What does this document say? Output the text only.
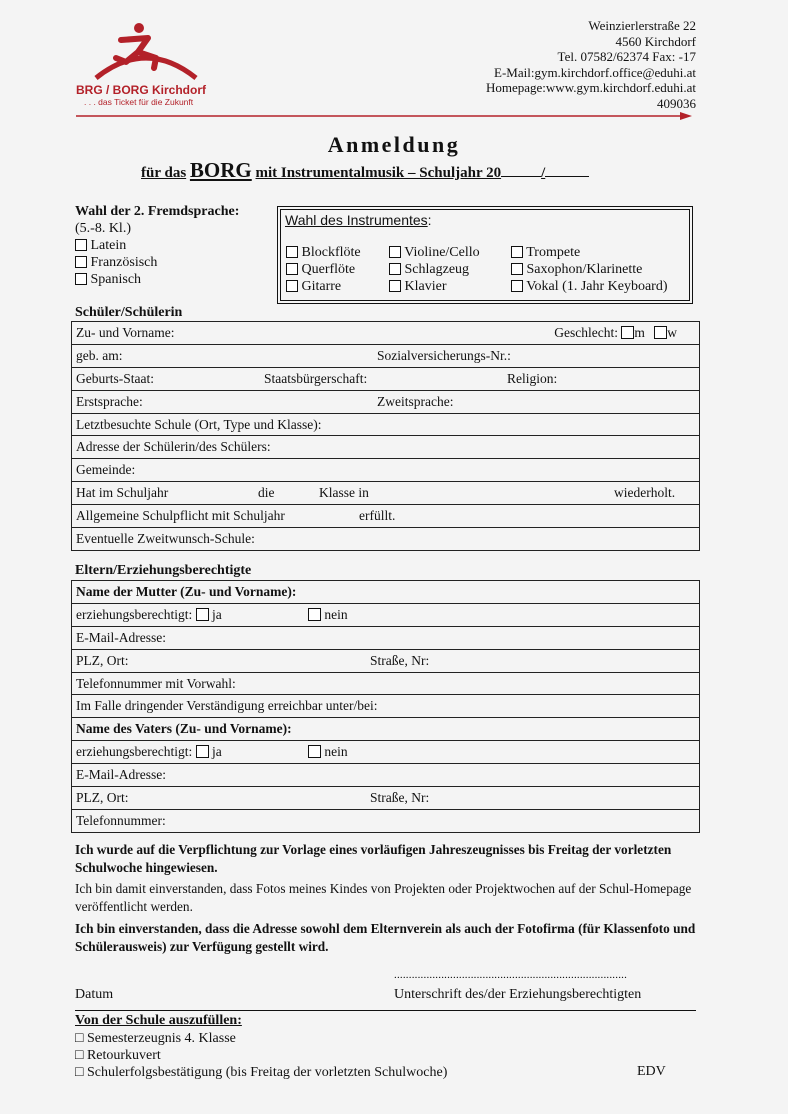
BRG / BORG Kirchdorf
. . . das Ticket für die Zukunft
Weinzierlerstraße 22
4560 Kirchdorf
Tel. 07582/62374 Fax: -17
E-Mail:gym.kirchdorf.office@eduhi.at
Homepage:www.gym.kirchdorf.eduhi.at
409036
Anmeldung
für das BORG mit Instrumentalmusik – Schuljahr 20	/
Wahl der 2. Fremdsprache:
(5.-8. Kl.)
Latein
Französisch
Spanisch
Wahl des Instrumentes:
Blockflöte
Querflöte
Gitarre
Violine/Cello
Schlagzeug
Klavier
Trompete
Saxophon/Klarinette
Vokal (1. Jahr Keyboard)
Schüler/Schülerin
Zu- und Vorname:	Geschlecht: m w

geb. am:	Sozialversicherungs-Nr.:

Geburts-Staat:	Staatsbürgerschaft:	Religion:

Erstsprache:	Zweitsprache:

Letztbesuchte Schule (Ort, Type und Klasse):
Adresse der Schülerin/des Schülers:
Gemeinde:
Hat im Schuljahr	die	Klasse in	wiederholt.

Allgemeine Schulpflicht mit Schuljahr	erfüllt.

Eventuelle Zweitwunsch-Schule:
Eltern/Erziehungsberechtigte
Name der Mutter (Zu- und Vorname):
erziehungsberechtigt: ja	nein

E-Mail-Adresse:
PLZ, Ort:	Straße, Nr:

Telefonnummer mit Vorwahl:
Im Falle dringender Verständigung erreichbar unter/bei:
Name des Vaters (Zu- und Vorname):
erziehungsberechtigt: ja	nein

E-Mail-Adresse:
PLZ, Ort:	Straße, Nr:

Telefonnummer:
Ich wurde auf die Verpflichtung zur Vorlage eines vorläufigen Jahreszeugnisses bis Freitag der vorletzten Schulwoche hingewiesen.
Ich bin damit einverstanden, dass Fotos meines Kindes von Projekten oder Projektwochen auf der Schul-Homepage veröffentlicht werden.
Ich bin einverstanden, dass die Adresse sowohl dem Elternverein als auch der Fotofirma (für Klassenfoto und Schülerausweis) zur Verfügung gestellt wird.
...............................................................................
Datum	Unterschrift des/der Erziehungsberechtigten
Von der Schule auszufüllen:
□ Semesterzeugnis 4. Klasse
□ Retourkuvert
□ Schulerfolgsbestätigung (bis Freitag der vorletzten Schulwoche)	EDV
